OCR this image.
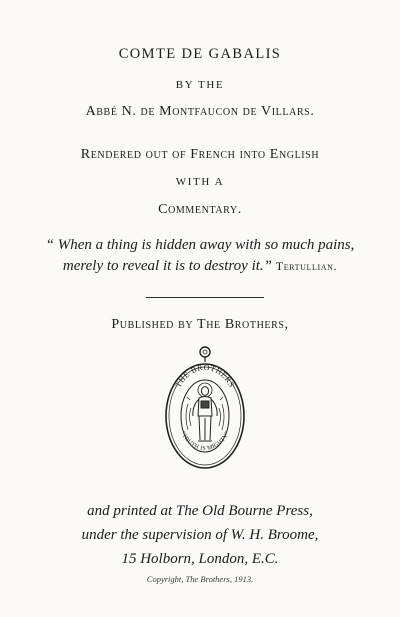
COMTE DE GABALIS
BY THE
Abbé N. de Montfaucon de Villars.
Rendered out of French into English
WITH A
Commentary.
“ When a thing is hidden away with so much pains,
merely to reveal it is to destroy it.” Tertullian.
Published by The Brothers,
THE BROTHERS
"TRUTH IS MIGHTY"
and printed at The Old Bourne Press,
under the supervision of W. H. Broome,
15 Holborn, London, E.C.
Copyright, The Brothers, 1913.
